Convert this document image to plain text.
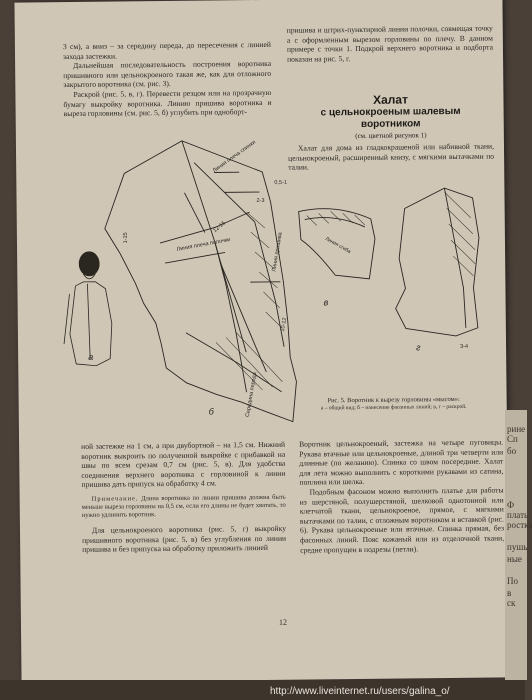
3 см), а вниз – за середину переда, до пересечения с линией захода застежки.

Дальнейшая последовательность построения воротника пришивного или цельнокроеного такая же, как для отложного закрытого воротника (см. рис. 3).

Раскрой (рис. 5, в, г). Перевести резцом или на прозрачную бумагу выкройку воротника. Линию пришива воротника и выреза горловины (см. рис. 5, б) углубить при одноборт-

пришива и штрих-пунктирной линии полочки, совмещая точку а с оформленным вырезом горловины по плечу. В данном примере с точки 1. Подкрой верхнего воротника и подборта показан на рис. 5, г.

Халат
с цельнокроеным шалевым
воротником
(см. цветной рисунок 1)

Халат для дома из гладкокрашеной или набивной ткани, цельнокроеный, расширенный книзу, с мягкими вытачками по талии.

Линия плеча спинки
Линия плеча полочки	Линия пришива
Середина переда
1-15
0,5-1
12-16
10-12
2-3
а
б
Линия сгиба
в
г	3-4
Рис. 5. Воротник к вырезу горловины «мысом»:
а – общий вид; б – нанесение фасонных линий; в, г – раскрой.

ной застежке на 1 см, а при двубортной – на 1,5 см. Нижний воротник выкроить по полученной выкройке с прибавкой на швы по всем срезам 0,7 см (рис. 5, в). Для удобства соединения верхнего воротника с горловиной к линии пришива дать припуск на обработку 4 см.

Примечание. Длина воротника по линии пришива должна быть меньше выреза горловины на 0,5 см, если его длины не будет хватать, то нужно удлинить воротник.

Для цельнокроеного воротника (рис. 5, г) выкройку пришивного воротника (рис. 5, в) без углубления по линии пришива и без припуска на обработку приложить линией

Воротник цельнокроеный, застежка на четыре пуговицы. Рукава втачные или цельнокроеные, длиной три четверти или длинные (по желанию). Спинка со швом посередине. Халат для лета можно выполнить с короткими рукавами из сатина, поплина или шелка.

Подобным фасоном можно выполнить платье для работы из шерстяной, полушерстяной, шелковой однотонной или клетчатой ткани, цельнокроеное, прямое, с мягкими вытачками по талии, с отложным воротником и вставкой (рис. 6). Рукава цельнокроеные или втачные. Спинка прямая, без фасонных линий. Пояс кожаный или из отделочной ткани, средне пропущен в подрезы (петли).

12
Сп
бо
рине
Ф
плать
ростка
пушь
ные
По
в
ск
http://www.liveinternet.ru/users/galina_o/
